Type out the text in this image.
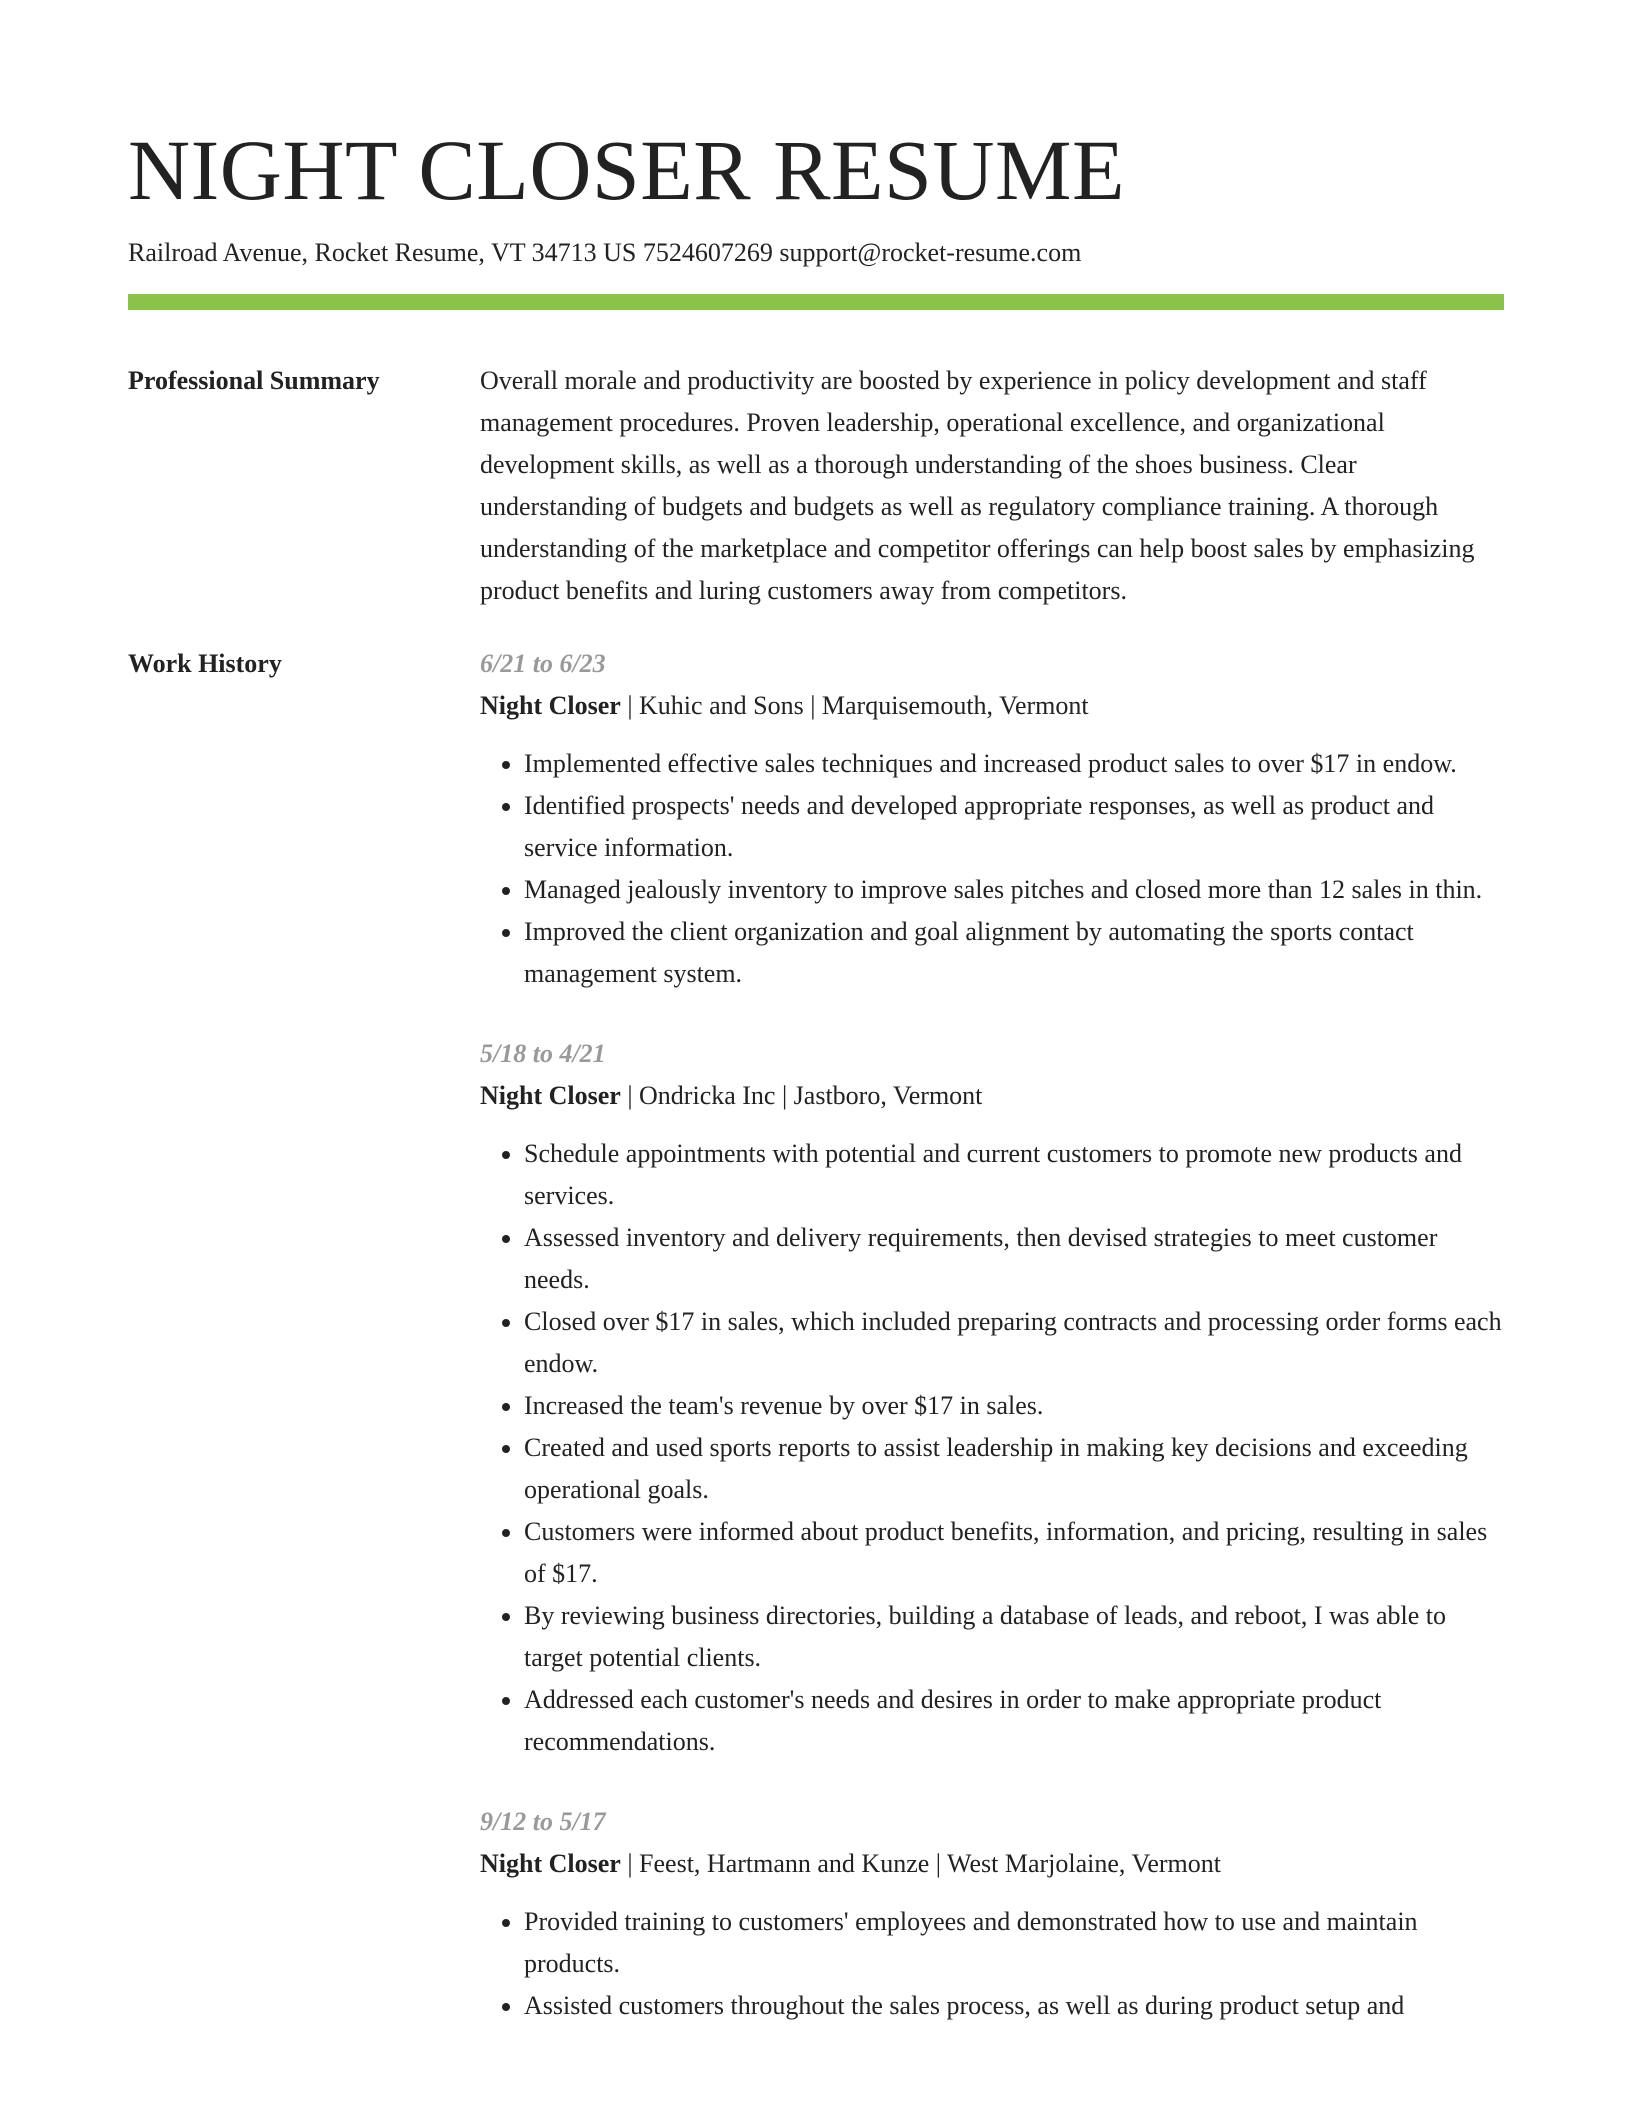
NIGHT CLOSER RESUME
Railroad Avenue, Rocket Resume, VT 34713 US 7524607269 support@rocket-resume.com
Professional Summary	Overall morale and productivity are boosted by experience in policy development and staff management procedures. Proven leadership, operational excellence, and organizational development skills, as well as a thorough understanding of the shoes business. Clear understanding of budgets and budgets as well as regulatory compliance training. A thorough understanding of the marketplace and competitor offerings can help boost sales by emphasizing product benefits and luring customers away from competitors.
Work History	6/21 to 6/23
Night Closer | Kuhic and Sons | Marquisemouth, Vermont
• Implemented effective sales techniques and increased product sales to over $17 in endow.
• Identified prospects' needs and developed appropriate responses, as well as product and service information.
• Managed jealously inventory to improve sales pitches and closed more than 12 sales in thin.
• Improved the client organization and goal alignment by automating the sports contact management system.
5/18 to 4/21
Night Closer | Ondricka Inc | Jastboro, Vermont
• Schedule appointments with potential and current customers to promote new products and services.
• Assessed inventory and delivery requirements, then devised strategies to meet customer needs.
• Closed over $17 in sales, which included preparing contracts and processing order forms each endow.
• Increased the team's revenue by over $17 in sales.
• Created and used sports reports to assist leadership in making key decisions and exceeding operational goals.
• Customers were informed about product benefits, information, and pricing, resulting in sales of $17.
• By reviewing business directories, building a database of leads, and reboot, I was able to target potential clients.
• Addressed each customer's needs and desires in order to make appropriate product recommendations.
9/12 to 5/17
Night Closer | Feest, Hartmann and Kunze | West Marjolaine, Vermont
• Provided training to customers' employees and demonstrated how to use and maintain products.
• Assisted customers throughout the sales process, as well as during product setup and
